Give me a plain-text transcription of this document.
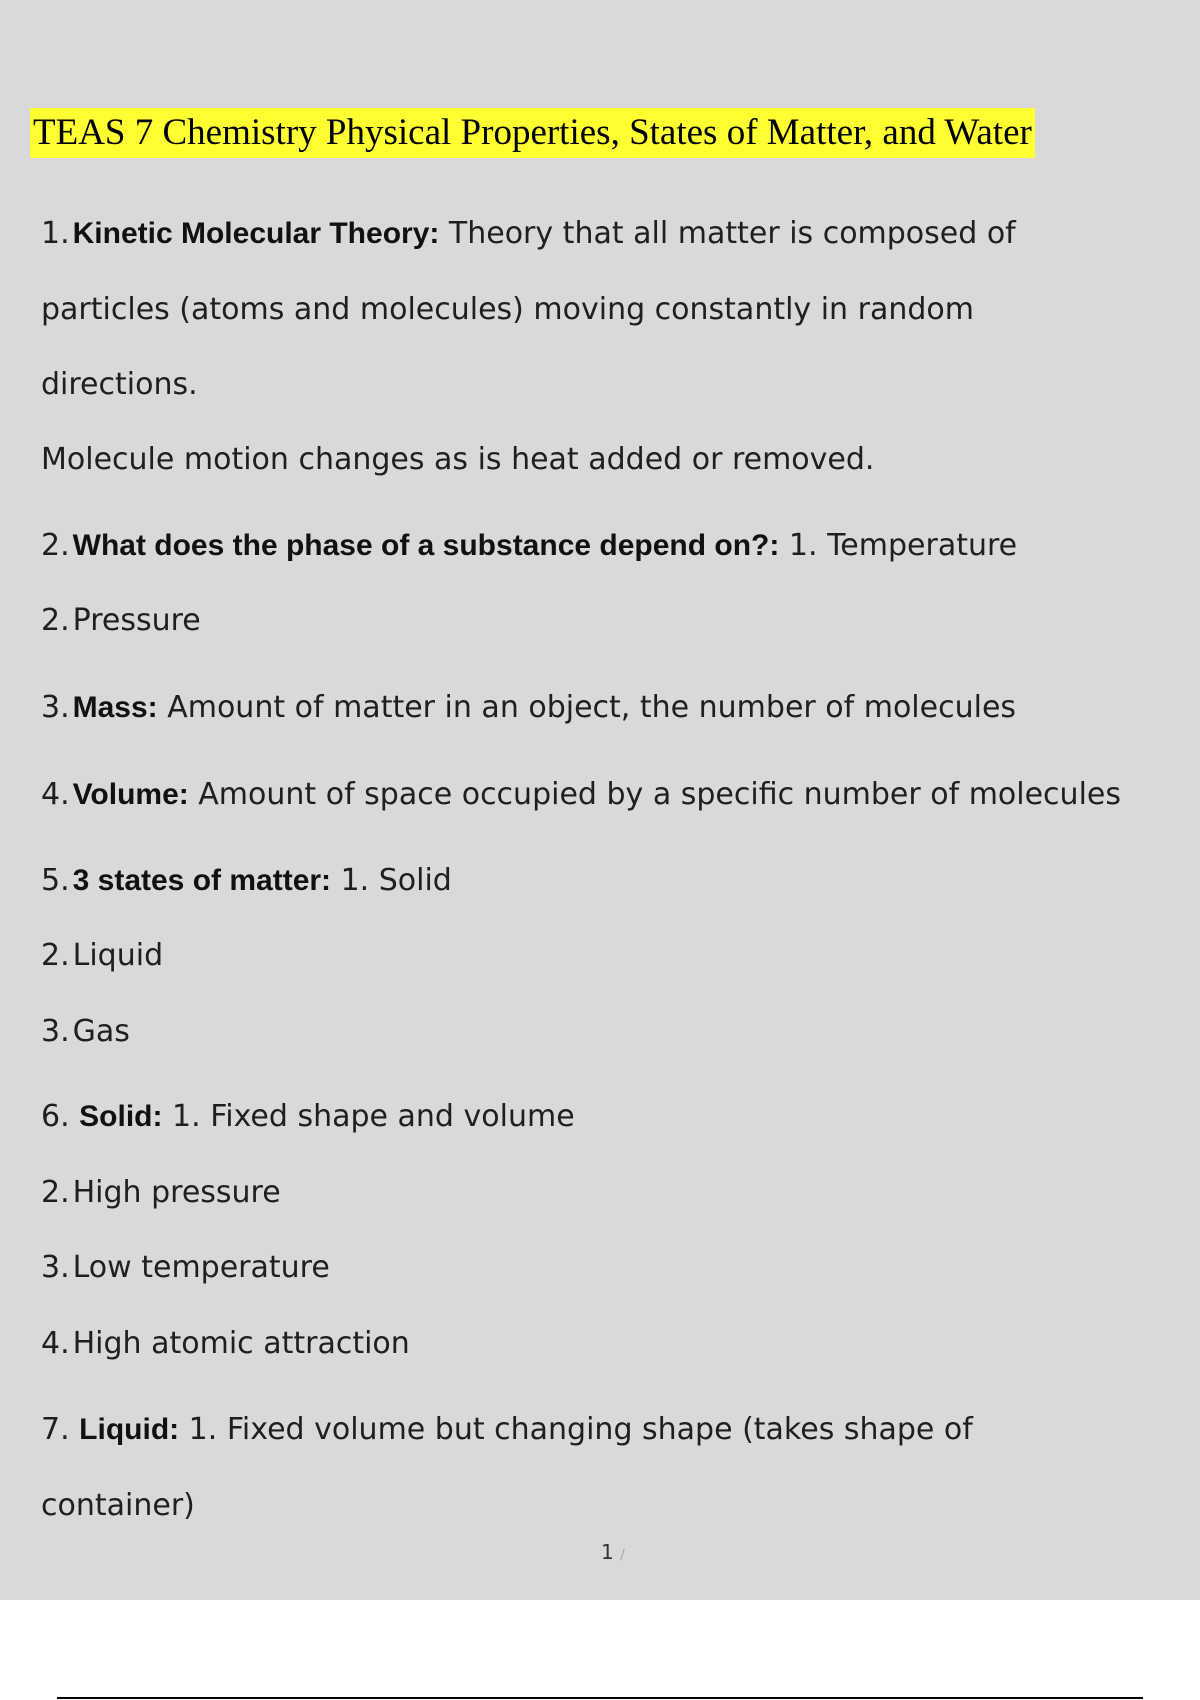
TEAS 7 Chemistry Physical Properties, States of Matter, and Water
1. Kinetic Molecular Theory: Theory that all matter is composed of
particles (atoms and molecules) moving constantly in random
directions.
Molecule motion changes as is heat added or removed.
2. What does the phase of a substance depend on?: 1. Temperature
2. Pressure
3. Mass: Amount of matter in an object, the number of molecules
4. Volume: Amount of space occupied by a specific number of molecules
5. 3 states of matter: 1. Solid
2. Liquid
3. Gas
6. Solid: 1. Fixed shape and volume
2. High pressure
3. Low temperature
4. High atomic attraction
7. Liquid: 1. Fixed volume but changing shape (takes shape of
container)
1 /
